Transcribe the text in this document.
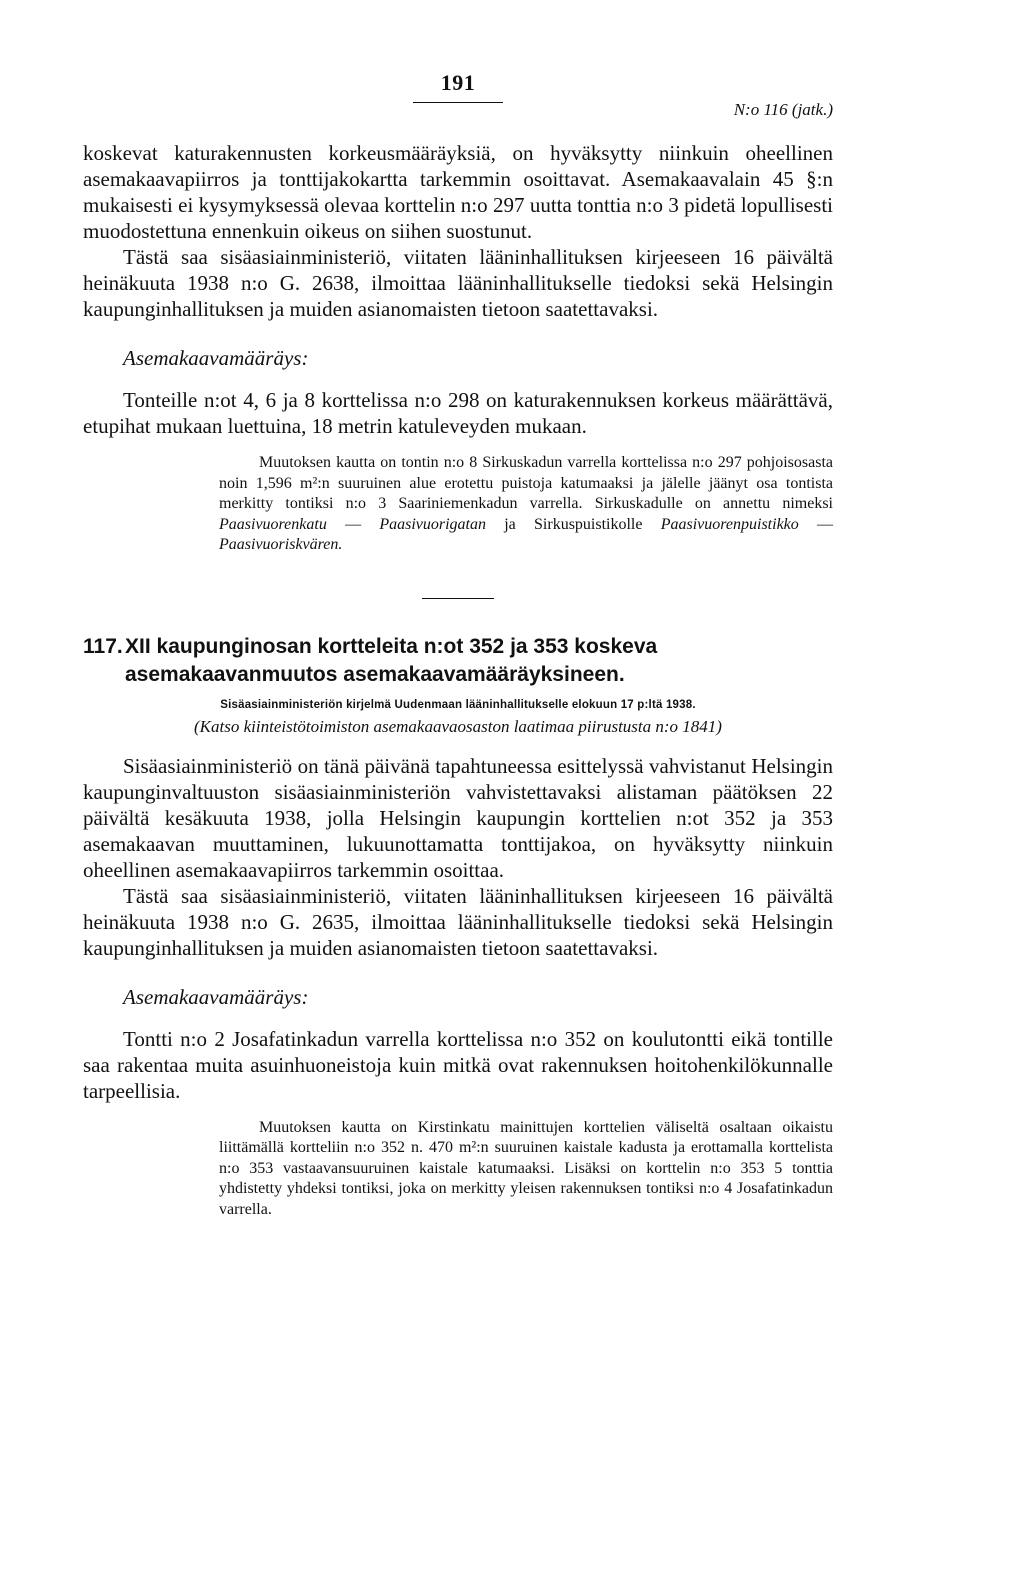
191
N:o 116 (jatk.)

koskevat katurakennusten korkeusmääräyksiä, on hyväksytty niinkuin oheellinen asemakaavapiirros ja tonttijakokartta tarkemmin osoittavat. Asemakaavalain 45 §:n mukaisesti ei kysymyksessä olevaa korttelin n:o 297 uutta tonttia n:o 3 pidetä lopullisesti muodostettuna ennenkuin oikeus on siihen suostunut.

Tästä saa sisäasiainministeriö, viitaten lääninhallituksen kirjeeseen 16 päivältä heinäkuuta 1938 n:o G. 2638, ilmoittaa lääninhallitukselle tiedoksi sekä Helsingin kaupunginhallituksen ja muiden asianomaisten tietoon saatettavaksi.

Asemakaavamääräys:

Tonteille n:ot 4, 6 ja 8 korttelissa n:o 298 on katurakennuksen korkeus määrättävä, etupihat mukaan luettuina, 18 metrin katuleveyden mukaan.

Muutoksen kautta on tontin n:o 8 Sirkuskadun varrella korttelissa n:o 297 pohjoisosasta noin 1,596 m²:n suuruinen alue erotettu puistoja katumaaksi ja jälelle jäänyt osa tontista merkitty tontiksi n:o 3 Saariniemenkadun varrella. Sirkuskadulle on annettu nimeksi Paasivuorenkatu — Paasivuorigatan ja Sirkuspuistikolle Paasivuorenpuistikko — Paasivuoriskvären.

117. XII kaupunginosan kortteleita n:ot 352 ja 353 koskeva
asemakaavanmuutos asemakaavamääräyksineen.
Sisäasiainministeriön kirjelmä Uudenmaan lääninhallitukselle elokuun 17 p:ltä 1938.
(Katso kiinteistötoimiston asemakaavaosaston laatimaa piirustusta n:o 1841)

Sisäasiainministeriö on tänä päivänä tapahtuneessa esittelyssä vahvistanut Helsingin kaupunginvaltuuston sisäasiainministeriön vahvistettavaksi alistaman päätöksen 22 päivältä kesäkuuta 1938, jolla Helsingin kaupungin korttelien n:ot 352 ja 353 asemakaavan muuttaminen, lukuunottamatta tonttijakoa, on hyväksytty niinkuin oheellinen asemakaavapiirros tarkemmin osoittaa.

Tästä saa sisäasiainministeriö, viitaten lääninhallituksen kirjeeseen 16 päivältä heinäkuuta 1938 n:o G. 2635, ilmoittaa lääninhallitukselle tiedoksi sekä Helsingin kaupunginhallituksen ja muiden asianomaisten tietoon saatettavaksi.

Asemakaavamääräys:

Tontti n:o 2 Josafatinkadun varrella korttelissa n:o 352 on koulutontti eikä tontille saa rakentaa muita asuinhuoneistoja kuin mitkä ovat rakennuksen hoitohenkilökunnalle tarpeellisia.

Muutoksen kautta on Kirstinkatu mainittujen korttelien väliseltä osaltaan oikaistu liittämällä kortteliin n:o 352 n. 470 m²:n suuruinen kaistale kadusta ja erottamalla korttelista n:o 353 vastaavansuuruinen kaistale katumaaksi. Lisäksi on korttelin n:o 353 5 tonttia yhdistetty yhdeksi tontiksi, joka on merkitty yleisen rakennuksen tontiksi n:o 4 Josafatinkadun varrella.
